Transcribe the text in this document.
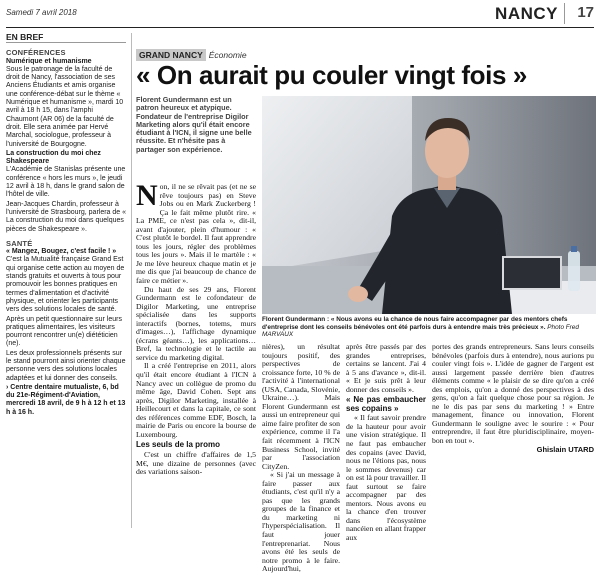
Samedi 7 avril 2018	NANCY	17
EN BREF
CONFÉRENCES
Numérique et humanisme
Sous le patronage de la faculté de droit de Nancy, l'association de ses Anciens Étudiants et amis organise une conférence-débat sur le thème « Numérique et humanisme », mardi 10 avril à 18 h 15, dans l'amphi Chaumont (AR 06) de la faculté de droit. Elle sera animée par Hervé Marchal, sociologue, professeur à l'université de Bourgogne.
La construction du moi chez Shakespeare
L'Académie de Stanislas présente une conférence « hors les murs », le jeudi 12 avril à 18 h, dans le grand salon de l'hôtel de ville.
Jean-Jacques Chardin, professeur à l'université de Strasbourg, parlera de « La construction du moi dans quelques pièces de Shakespeare ».
SANTÉ
« Mangez, Bougez, c'est facile ! »
C'est la Mutualité française Grand Est qui organise cette action au moyen de stands gratuits et ouverts à tous pour promouvoir les bonnes pratiques en termes d'alimentation et d'activité physique, et orienter les participants vers des solutions locales de santé.
Après un petit questionnaire sur leurs pratiques alimentaires, les visiteurs pourront rencontrer un(e) diététicien (ne).
Les deux professionnels présents sur le stand pourront ainsi orienter chaque personne vers des solutions locales adaptées et lui donner des conseils.
› Centre dentaire mutualiste, 6, bd du 21e-Régiment-d'Aviation, mercredi 18 avril, de 9 h à 12 h et 13 h à 16 h.
GRAND NANCY Économie
« On aurait pu couler vingt fois »
Florent Gundermann est un patron heureux et atypique. Fondateur de l'entreprise Digilor Marketing alors qu'il était encore étudiant à l'ICN, il signe une belle réussite. Et n'hésite pas à partager son expérience.
Florent Gundermann : « Nous avons eu la chance de nous faire accompagner par des mentors chefs d'entreprise dont les conseils bénévoles ont été parfois durs à entendre mais très précieux ». Photo Fred MARVAUX
N on, il ne se rêvait pas (et ne se rêve toujours pas) en Steve Jobs ou en Mark Zuckerberg ! Ça le fait même plutôt rire. « La PME, ce n'est pas cela », dit-il, avant d'ajouter, plein d'humour : « C'est plutôt le bordel. Il faut apprendre tous les jours, régler des problèmes tous les jours ». Mais il le martèle : « Je me lève heureux chaque matin et je me dis que j'ai beaucoup de chance de faire ce métier ».

Du haut de ses 29 ans, Florent Gundermann est le cofondateur de Digilor Marketing, une entreprise spécialisée dans les supports interactifs (bornes, totems, murs d'images…), l'affichage dynamique (écrans géants…), les applications… Bref, la technologie et le tactile au service du marketing digital.

Il a créé l'entreprise en 2011, alors qu'il était encore étudiant à l'ICN à Nancy avec un collègue de promo du même âge, David Cohen. Sept ans après, Digilor Marketing, installée à Heillecourt et dans la capitale, ce sont des références comme EDF, Bosch, la mairie de Paris ou encore la bourse de Luxembourg.

Les seuls de la promo

C'est un chiffre d'affaires de 1,5 M€, une dizaine de personnes (avec des variations saison-

nières), un résultat toujours positif, des perspectives de croissance forte, 10 % de l'activité à l'international (USA, Canada, Slovénie, Ukraine…). Mais Florent Gundermann est aussi un entrepreneur qui aime faire profiter de son expérience, comme il l'a fait récemment à l'ICN Business School, invité par l'association CityZen.

« Si j'ai un message à faire passer aux étudiants, c'est qu'il n'y a pas que les grands groupes de la finance et du marketing ni l'hyperspécialisation. Il faut jouer l'entreprenariat. Nous avons été les seuls de notre promo à le faire. Aujourd'hui,

après être passés par des grandes entreprises, certains se lancent. J'ai 4 à 5 ans d'avance », dit-il. « Et je suis prêt à leur donner des conseils ».

« Ne pas embaucher ses copains »

« Il faut savoir prendre de la hauteur pour avoir une vision stratégique. Il ne faut pas embaucher des copains (avec David, nous ne l'étions pas, nous le sommes devenus) car on est là pour travailler. Il faut surtout se faire accompagner par des mentors. Nous avons eu la chance d'en trouver dans l'écosystème nancéien en allant frapper aux

portes des grands entrepreneurs. Sans leurs conseils bénévoles (parfois durs à entendre), nous aurions pu couler vingt fois ». L'idée de gagner de l'argent est aussi largement passée derrière bien d'autres éléments comme « le plaisir de se dire qu'on a créé des emplois, qu'on a donné des perspectives à des gens, qu'on a fait quelque chose pour sa région. Je ne le dis pas par sens du marketing ! » Entre management, finance ou innovation, Florent Gundermann le souligne avec le sourire : « Pour entreprendre, il faut être pluridisciplinaire, moyen-bon en tout ».

Ghislain UTARD
